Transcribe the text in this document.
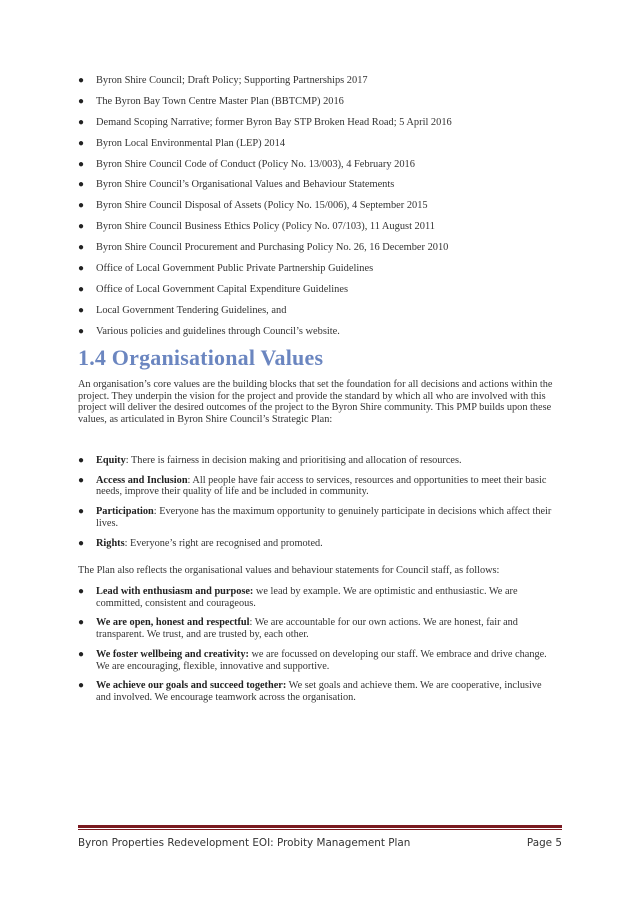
● Byron Shire Council; Draft Policy; Supporting Partnerships 2017
● The Byron Bay Town Centre Master Plan (BBTCMP) 2016
● Demand Scoping Narrative; former Byron Bay STP Broken Head Road; 5 April 2016
● Byron Local Environmental Plan (LEP) 2014
● Byron Shire Council Code of Conduct (Policy No. 13/003), 4 February 2016
● Byron Shire Council’s Organisational Values and Behaviour Statements
● Byron Shire Council Disposal of Assets (Policy No. 15/006), 4 September 2015
● Byron Shire Council Business Ethics Policy (Policy No. 07/103), 11 August 2011
● Byron Shire Council Procurement and Purchasing Policy No. 26, 16 December 2010
● Office of Local Government Public Private Partnership Guidelines
● Office of Local Government Capital Expenditure Guidelines
● Local Government Tendering Guidelines, and
● Various policies and guidelines through Council’s website.
1.4 Organisational Values

An organisation’s core values are the building blocks that set the foundation for all decisions and actions within the project. They underpin the vision for the project and provide the standard by which all who are involved with this project will deliver the desired outcomes of the project to the Byron Shire community. This PMP builds upon these values, as articulated in Byron Shire Council’s Strategic Plan:

● Equity: There is fairness in decision making and prioritising and allocation of resources.
● Access and Inclusion: All people have fair access to services, resources and opportunities to meet their basic needs, improve their quality of life and be included in community.
● Participation: Everyone has the maximum opportunity to genuinely participate in decisions which affect their lives.
● Rights: Everyone’s right are recognised and promoted.

The Plan also reflects the organisational values and behaviour statements for Council staff, as follows:

● Lead with enthusiasm and purpose: we lead by example. We are optimistic and enthusiastic. We are committed, consistent and courageous.
● We are open, honest and respectful: We are accountable for our own actions. We are honest, fair and transparent. We trust, and are trusted by, each other.
● We foster wellbeing and creativity: we are focussed on developing our staff. We embrace and drive change. We are encouraging, flexible, innovative and supportive.
● We achieve our goals and succeed together: We set goals and achieve them. We are cooperative, inclusive and involved. We encourage teamwork across the organisation.
Byron Properties Redevelopment EOI: Probity Management Plan	Page 5
